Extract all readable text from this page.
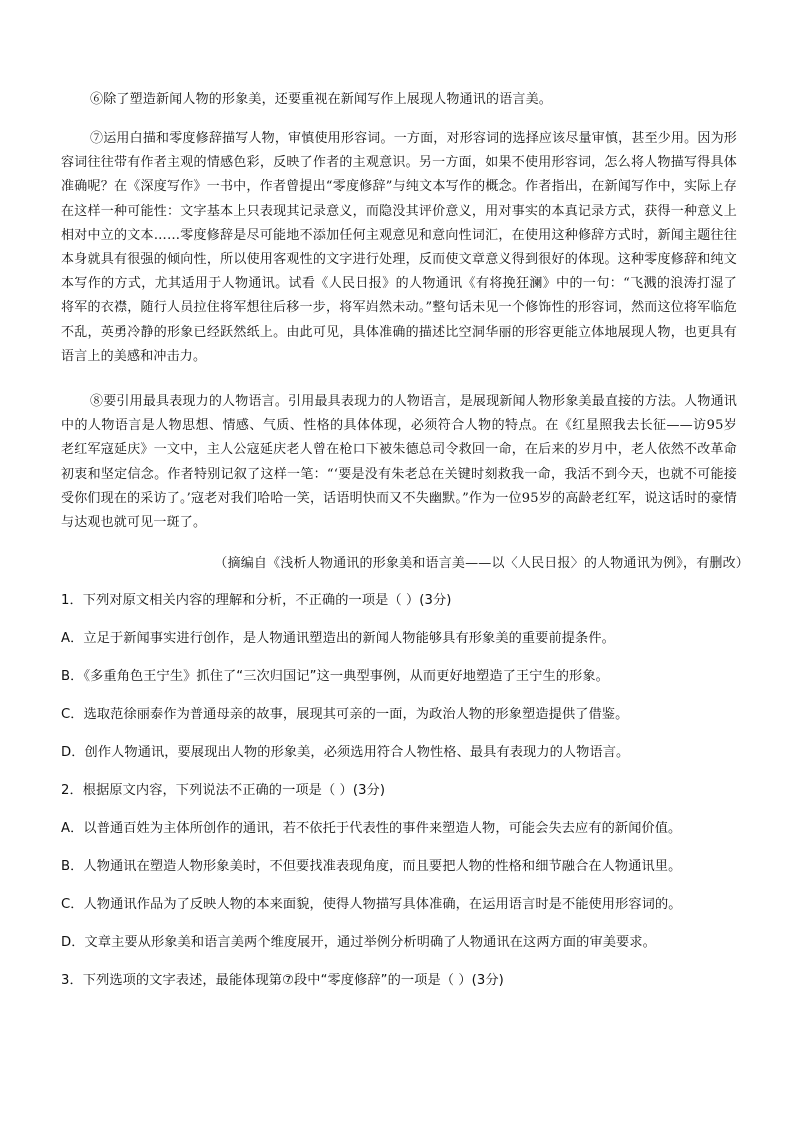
⑥除了塑造新闻人物的形象美，还要重视在新闻写作上展现人物通讯的语言美。

⑦运用白描和零度修辞描写人物，审慎使用形容词。一方面，对形容词的选择应该尽量审慎，甚至少用。因为形容词往往带有作者主观的情感色彩，反映了作者的主观意识。另一方面，如果不使用形容词，怎么将人物描写得具体准确呢？在《深度写作》一书中，作者曾提出“零度修辞”与纯文本写作的概念。作者指出，在新闻写作中，实际上存在这样一种可能性：文字基本上只表现其记录意义，而隐没其评价意义，用对事实的本真记录方式，获得一种意义上相对中立的文本……零度修辞是尽可能地不添加任何主观意见和意向性词汇，在使用这种修辞方式时，新闻主题往往本身就具有很强的倾向性，所以使用客观性的文字进行处理，反而使文章意义得到很好的体现。这种零度修辞和纯文本写作的方式，尤其适用于人物通讯。试看《人民日报》的人物通讯《有将挽狂澜》中的一句：“飞溅的浪涛打湿了将军的衣襟，随行人员拉住将军想往后移一步，将军岿然未动。”整句话未见一个修饰性的形容词，然而这位将军临危不乱，英勇冷静的形象已经跃然纸上。由此可见，具体准确的描述比空洞华丽的形容更能立体地展现人物，也更具有语言上的美感和冲击力。

⑧要引用最具表现力的人物语言。引用最具表现力的人物语言，是展现新闻人物形象美最直接的方法。人物通讯中的人物语言是人物思想、情感、气质、性格的具体体现，必须符合人物的特点。在《红星照我去长征——访95岁老红军寇延庆》一文中，主人公寇延庆老人曾在枪口下被朱德总司令救回一命，在后来的岁月中，老人依然不改革命初衷和坚定信念。作者特别记叙了这样一笔：“‘要是没有朱老总在关键时刻救我一命，我活不到今天，也就不可能接受你们现在的采访了。’寇老对我们哈哈一笑，话语明快而又不失幽默。”作为一位95岁的高龄老红军，说这话时的豪情与达观也就可见一斑了。

（摘编自《浅析人物通讯的形象美和语言美——以〈人民日报〉的人物通讯为例》，有删改）

1．下列对原文相关内容的理解和分析，不正确的一项是（ ）(3分)

A．立足于新闻事实进行创作，是人物通讯塑造出的新闻人物能够具有形象美的重要前提条件。

B．《多重角色王宁生》抓住了“三次归国记”这一典型事例，从而更好地塑造了王宁生的形象。

C．选取范徐丽泰作为普通母亲的故事，展现其可亲的一面，为政治人物的形象塑造提供了借鉴。

D．创作人物通讯，要展现出人物的形象美，必须选用符合人物性格、最具有表现力的人物语言。

2．根据原文内容，下列说法不正确的一项是（ ）(3分)

A．以普通百姓为主体所创作的通讯，若不依托于代表性的事件来塑造人物，可能会失去应有的新闻价值。

B．人物通讯在塑造人物形象美时，不但要找准表现角度，而且要把人物的性格和细节融合在人物通讯里。

C．人物通讯作品为了反映人物的本来面貌，使得人物描写具体准确，在运用语言时是不能使用形容词的。

D．文章主要从形象美和语言美两个维度展开，通过举例分析明确了人物通讯在这两方面的审美要求。

3．下列选项的文字表述，最能体现第⑦段中“零度修辞”的一项是（ ）(3分)
